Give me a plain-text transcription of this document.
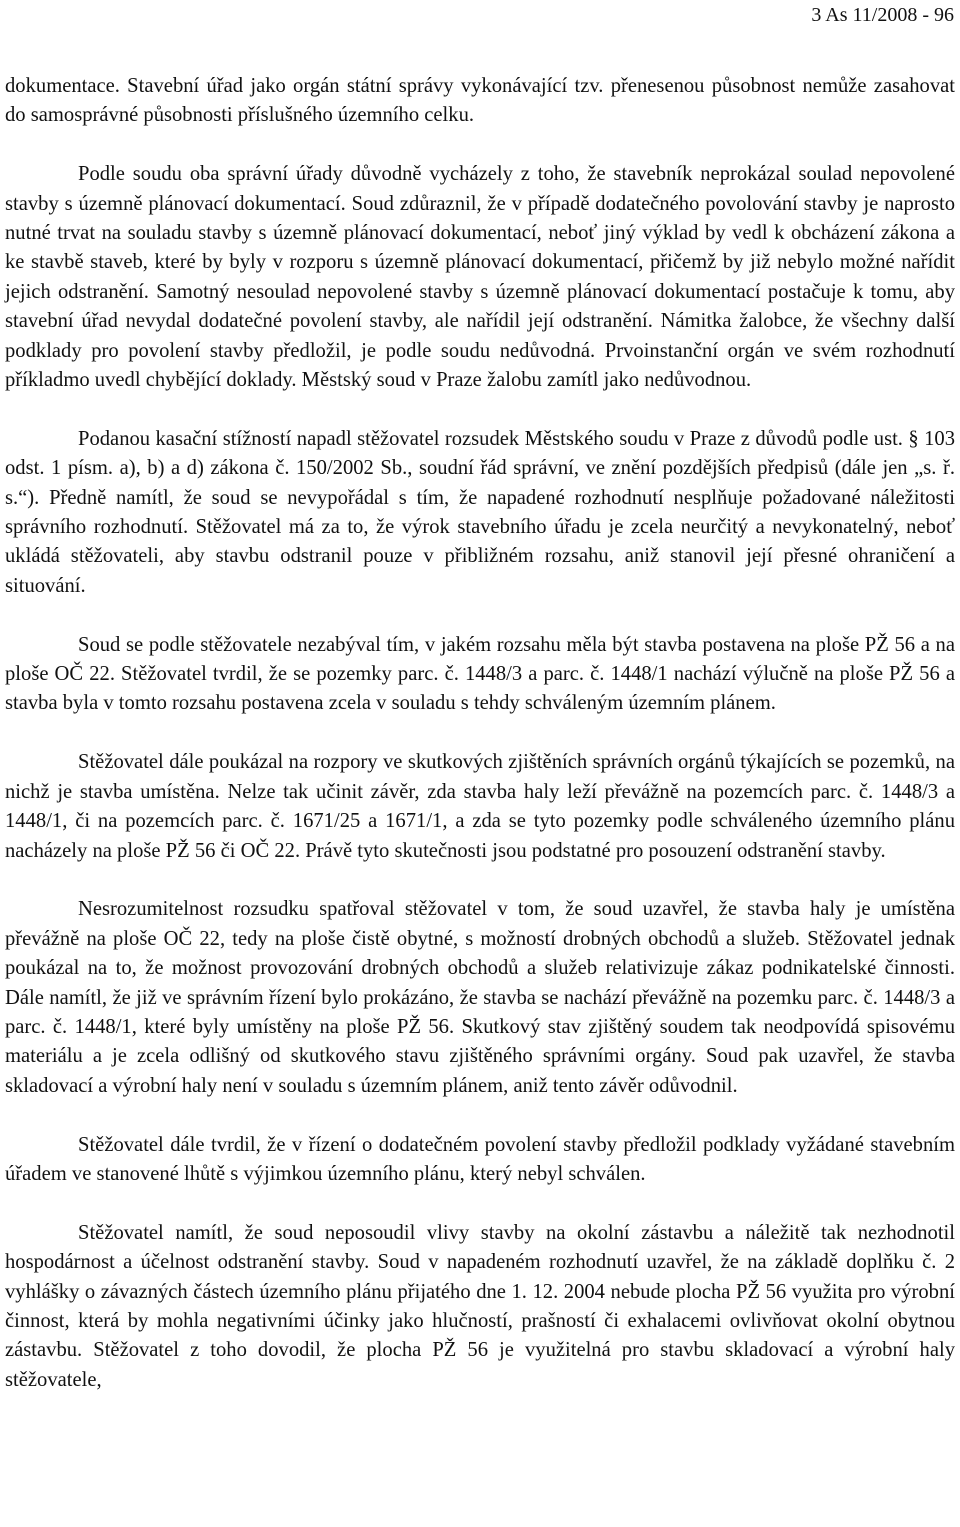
3 As 11/2008 - 96

dokumentace. Stavební úřad jako orgán státní správy vykonávající tzv. přenesenou působnost nemůže zasahovat do samosprávné působnosti příslušného územního celku.

Podle soudu oba správní úřady důvodně vycházely z toho, že stavebník neprokázal soulad nepovolené stavby s územně plánovací dokumentací. Soud zdůraznil, že v případě dodatečného povolování stavby je naprosto nutné trvat na souladu stavby s územně plánovací dokumentací, neboť jiný výklad by vedl k obcházení zákona a ke stavbě staveb, které by byly v rozporu s územně plánovací dokumentací, přičemž by již nebylo možné nařídit jejich odstranění. Samotný nesoulad nepovolené stavby s územně plánovací dokumentací postačuje k tomu, aby stavební úřad nevydal dodatečné povolení stavby, ale nařídil její odstranění. Námitka žalobce, že všechny další podklady pro povolení stavby předložil, je podle soudu nedůvodná. Prvoinstanční orgán ve svém rozhodnutí příkladmo uvedl chybějící doklady. Městský soud v Praze žalobu zamítl jako nedůvodnou.

Podanou kasační stížností napadl stěžovatel rozsudek Městského soudu v Praze z důvodů podle ust. § 103 odst. 1 písm. a), b) a d) zákona č. 150/2002 Sb., soudní řád správní, ve znění pozdějších předpisů (dále jen „s. ř. s.“). Předně namítl, že soud se nevypořádal s tím, že napadené rozhodnutí nesplňuje požadované náležitosti správního rozhodnutí. Stěžovatel má za to, že výrok stavebního úřadu je zcela neurčitý a nevykonatelný, neboť ukládá stěžovateli, aby stavbu odstranil pouze v přibližném rozsahu, aniž stanovil její přesné ohraničení a situování.

Soud se podle stěžovatele nezabýval tím, v jakém rozsahu měla být stavba postavena na ploše PŽ 56 a na ploše OČ 22. Stěžovatel tvrdil, že se pozemky parc. č. 1448/3 a parc. č. 1448/1 nachází výlučně na ploše PŽ 56 a stavba byla v tomto rozsahu postavena zcela v souladu s tehdy schváleným územním plánem.

Stěžovatel dále poukázal na rozpory ve skutkových zjištěních správních orgánů týkajících se pozemků, na nichž je stavba umístěna. Nelze tak učinit závěr, zda stavba haly leží převážně na pozemcích parc. č. 1448/3 a 1448/1, či na pozemcích parc. č. 1671/25 a 1671/1, a zda se tyto pozemky podle schváleného územního plánu nacházely na ploše PŽ 56 či OČ 22. Právě tyto skutečnosti jsou podstatné pro posouzení odstranění stavby.

Nesrozumitelnost rozsudku spatřoval stěžovatel v tom, že soud uzavřel, že stavba haly je umístěna převážně na ploše OČ 22, tedy na ploše čistě obytné, s možností drobných obchodů a služeb. Stěžovatel jednak poukázal na to, že možnost provozování drobných obchodů a služeb relativizuje zákaz podnikatelské činnosti. Dále namítl, že již ve správním řízení bylo prokázáno, že stavba se nachází převážně na pozemku parc. č. 1448/3 a parc. č. 1448/1, které byly umístěny na ploše PŽ 56. Skutkový stav zjištěný soudem tak neodpovídá spisovému materiálu a je zcela odlišný od skutkového stavu zjištěného správními orgány. Soud pak uzavřel, že stavba skladovací a výrobní haly není v souladu s územním plánem, aniž tento závěr odůvodnil.

Stěžovatel dále tvrdil, že v řízení o dodatečném povolení stavby předložil podklady vyžádané stavebním úřadem ve stanovené lhůtě s výjimkou územního plánu, který nebyl schválen.

Stěžovatel namítl, že soud neposoudil vlivy stavby na okolní zástavbu a náležitě tak nezhodnotil hospodárnost a účelnost odstranění stavby. Soud v napadeném rozhodnutí uzavřel, že na základě doplňku č. 2 vyhlášky o závazných částech územního plánu přijatého dne 1. 12. 2004 nebude plocha PŽ 56 využita pro výrobní činnost, která by mohla negativními účinky jako hlučností, prašností či exhalacemi ovlivňovat okolní obytnou zástavbu. Stěžovatel z toho dovodil, že plocha PŽ 56 je využitelná pro stavbu skladovací a výrobní haly stěžovatele,
